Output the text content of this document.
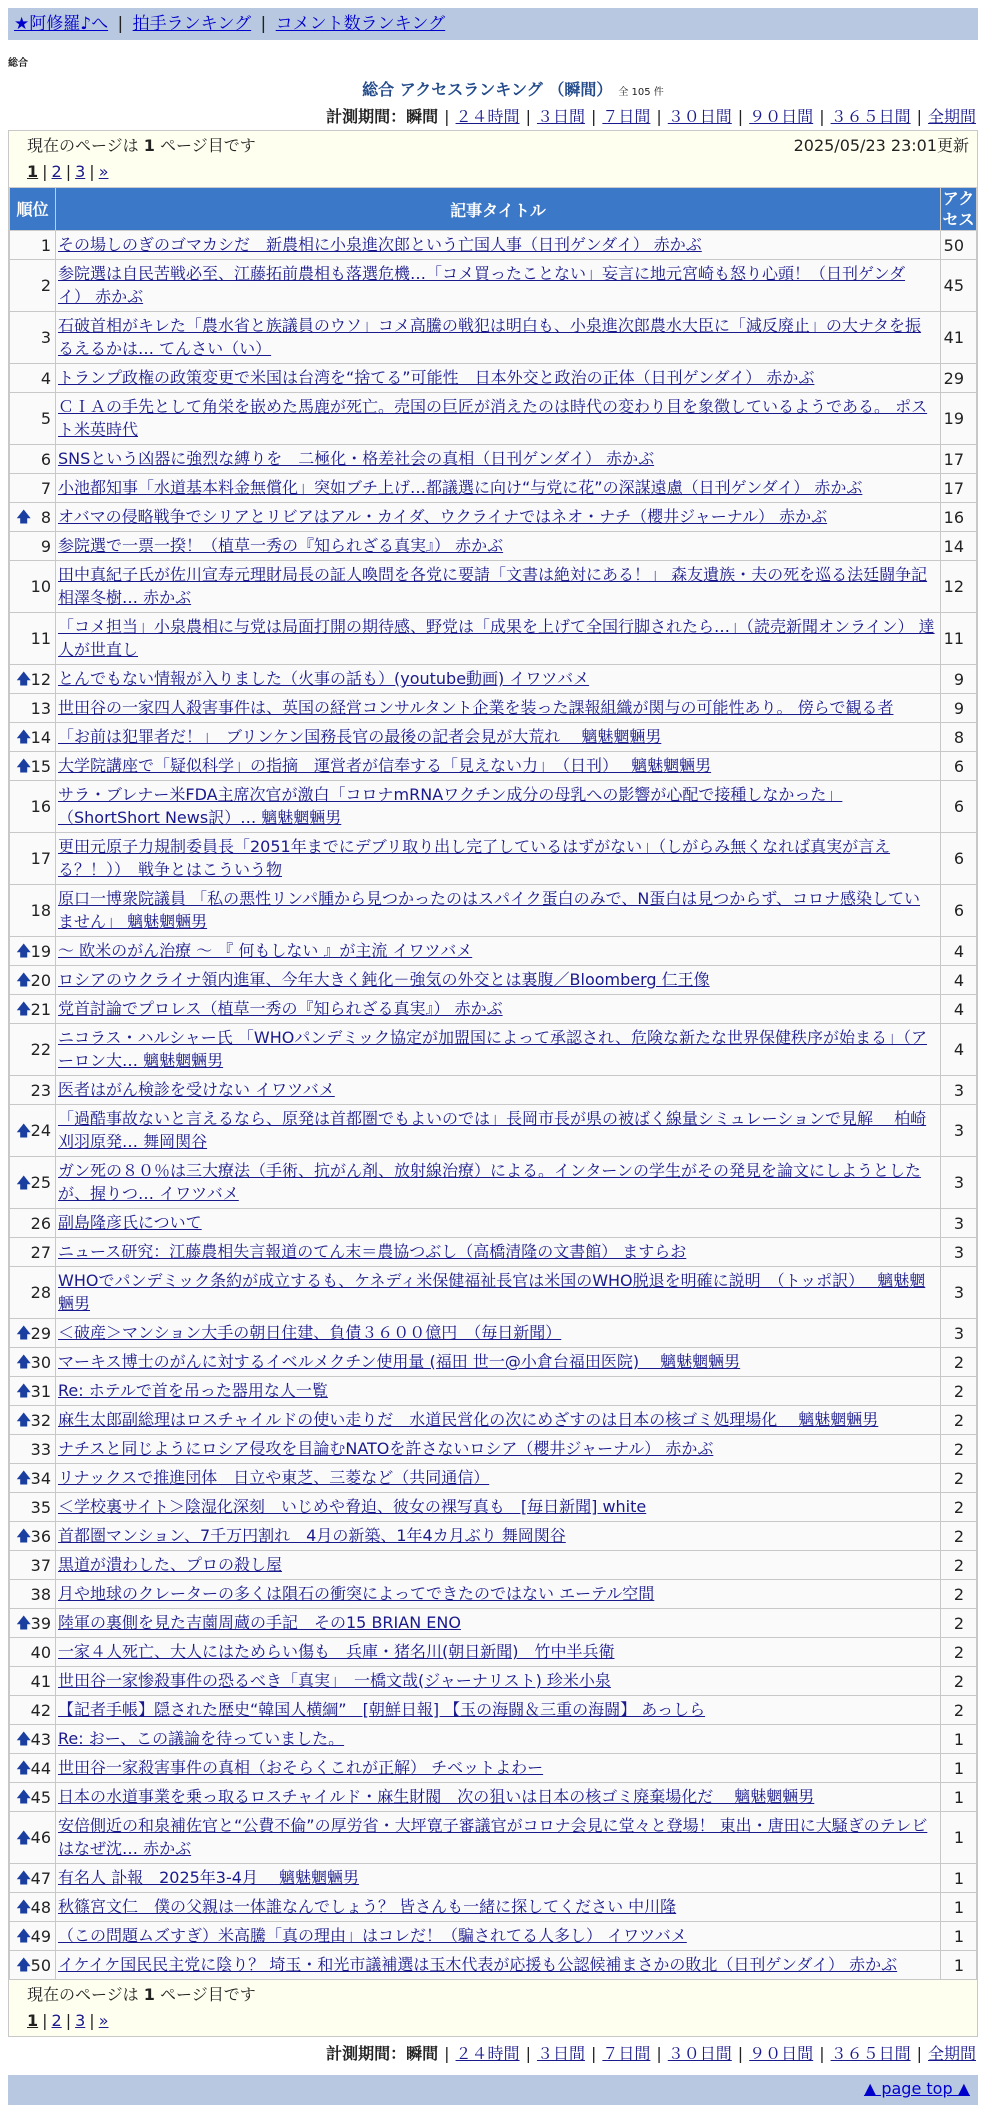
★阿修羅♪へ | 拍手ランキング | コメント数ランキング
総合
総合 アクセスランキング （瞬間） 全 105 件
計測期間：瞬間 | ２４時間 | ３日間 | ７日間 | ３０日間 | ９０日間 | ３６５日間 | 全期間
現在のページは 1 ページ目です	2025/05/23 23:01更新
1 | 2 | 3 | »
順位	記事タイトル	アクセス
1	その場しのぎのゴマカシだ　新農相に小泉進次郎という亡国人事（日刊ゲンダイ） 赤かぶ	50
2	参院選は自民苦戦必至、江藤拓前農相も落選危機…「コメ買ったことない」妄言に地元宮崎も怒り心頭！（日刊ゲンダイ） 赤かぶ	45
3	石破首相がキレた「農水省と族議員のウソ」コメ高騰の戦犯は明白も、小泉進次郎農水大臣に「減反廃止」の大ナタを振るえるかは… てんさい（い）	41
4	トランプ政権の政策変更で米国は台湾を“捨てる”可能性　日本外交と政治の正体（日刊ゲンダイ） 赤かぶ	29
5	ＣＩＡの手先として角栄を嵌めた馬鹿が死亡。売国の巨匠が消えたのは時代の変わり目を象徴しているようである。 ポスト米英時代	19
6	SNSという凶器に強烈な縛りを　二極化・格差社会の真相（日刊ゲンダイ） 赤かぶ	17
7	小池都知事「水道基本料金無償化」突如ブチ上げ…都議選に向け“与党に花”の深謀遠慮（日刊ゲンダイ） 赤かぶ	17

🡅 8	オバマの侵略戦争でシリアとリビアはアル・カイダ、ウクライナではネオ・ナチ（櫻井ジャーナル） 赤かぶ	16
9	参院選で一票一揆！（植草一秀の『知られざる真実』） 赤かぶ	14
10	田中真紀子氏が佐川宣寿元理財局長の証人喚問を各党に要請「文書は絶対にある！」 森友遺族・夫の死を巡る法廷闘争記 相澤冬樹… 赤かぶ	12
11	「コメ担当」小泉農相に与党は局面打開の期待感、野党は「成果を上げて全国行脚されたら…」（読売新聞オンライン） 達人が世直し	11

🡅 12	とんでもない情報が入りました（火事の話も）(youtube動画) イワツバメ	9
13	世田谷の一家四人殺害事件は、英国の経営コンサルタント企業を装った課報組織が関与の可能性あり。 傍らで観る者	9

🡅 14	「お前は犯罪者だ！」　ブリンケン国務長官の最後の記者会見が大荒れ　 魑魅魍魎男	8

🡅 15	大学院講座で「疑似科学」の指摘　運営者が信奉する「見えない力」　（日刊）　 魑魅魍魎男	6
16	サラ・ブレナー米FDA主席次官が激白「コロナmRNAワクチン成分の母乳への影響が心配で接種しなかった」（ShortShort News訳）… 魑魅魍魎男	6
17	更田元原子力規制委員長「2051年までにデブリ取り出し完了しているはずがない」（しがらみ無くなれば真実が言える？！））　戦争とはこういう物	6
18	原口一博衆院議員 「私の悪性リンパ腫から見つかったのはスパイク蛋白のみで、N蛋白は見つからず、コロナ感染していません」 魑魅魍魎男	6

🡅 19	～ 欧米のがん治療 ～ 『 何もしない 』が主流 イワツバメ	4

🡅 20	ロシアのウクライナ領内進軍、今年大きく鈍化－強気の外交とは裏腹／Bloomberg 仁王像	4

🡅 21	党首討論でプロレス（植草一秀の『知られざる真実』） 赤かぶ	4
22	ニコラス・ハルシャー氏 「WHOパンデミック協定が加盟国によって承認され、危険な新たな世界保健秩序が始まる」（アーロン大… 魑魅魍魎男	4
23	医者はがん検診を受けない イワツバメ	3

🡅 24	「過酷事故ないと言えるなら、原発は首都圏でもよいのでは」長岡市長が県の被ばく線量シミュレーションで見解　 柏崎刈羽原発… 舞岡関谷	3

🡅 25	ガン死の８０％は三大療法（手術、抗がん剤、放射線治療）による。インターンの学生がその発見を論文にしようとしたが、握りつ… イワツバメ	3
26	副島隆彦氏について	3
27	ニュース研究：江藤農相失言報道のてん末＝農協つぶし（高橋清隆の文書館） ますらお	3
28	WHOでパンデミック条約が成立するも、ケネディ米保健福祉長官は米国のWHO脱退を明確に説明　（トッポ訳）　 魑魅魍魎男	3

🡅 29	＜破産＞マンション大手の朝日住建、負債３６００億円　（毎日新聞）	3

🡅 30	マーキス博士のがんに対するイベルメクチン使用量 (福田 世一@小倉台福田医院)　 魑魅魍魎男	2

🡅 31	Re: ホテルで首を吊った器用な人一覧	2

🡅 32	麻生太郎副総理はロスチャイルドの使い走りだ　水道民営化の次にめざすのは日本の核ゴミ処理場化　 魑魅魍魎男	2
33	ナチスと同じようにロシア侵攻を目論むNATOを許さないロシア（櫻井ジャーナル） 赤かぶ	2

🡅 34	リナックスで推進団体　日立や東芝、三菱など（共同通信）	2
35	＜学校裏サイト＞陰湿化深刻　いじめや脅迫、彼女の裸写真も　[毎日新聞] white	2

🡅 36	首都圏マンション、7千万円割れ　4月の新築、1年4カ月ぶり 舞岡関谷	2
37	黒道が潰わした、プロの殺し屋	2
38	月や地球のクレーターの多くは隕石の衝突によってできたのではない エーテル空間	2

🡅 39	陸軍の裏側を見た吉薗周蔵の手記　その15 BRIAN ENO	2
40	一家４人死亡、大人にはためらい傷も　兵庫・猪名川(朝日新聞)　竹中半兵衛	2
41	世田谷一家惨殺事件の恐るべき「真実」　一橋文哉(ジャーナリスト) 珍米小泉	2
42	【記者手帳】隠された歴史“韓国人横綱”　[朝鮮日報] 【玉の海闘＆三重の海闘】 あっしら	2

🡅 43	Re: おー、この議論を待っていました。	1

🡅 44	世田谷一家殺害事件の真相（おそらくこれが正解） チベットよわー	1

🡅 45	日本の水道事業を乗っ取るロスチャイルド・麻生財閥　次の狙いは日本の核ゴミ廃棄場化だ　 魑魅魍魎男	1

🡅 46	安倍側近の和泉補佐官と“公費不倫”の厚労省・大坪寛子審議官がコロナ会見に堂々と登場！ 東出・唐田に大騒ぎのテレビはなぜ沈… 赤かぶ	1

🡅 47	有名人 訃報　2025年3-4月　 魑魅魍魎男	1

🡅 48	秋篠宮文仁　僕の父親は一体誰なんでしょう？ 皆さんも一緒に探してください 中川隆	1

🡅 49	（この問題ムズすぎ）米高騰「真の理由」はコレだ！（騙されてる人多し） イワツバメ	1

🡅 50	イケイケ国民民主党に陰り？ 埼玉・和光市議補選は玉木代表が応援も公認候補まさかの敗北（日刊ゲンダイ） 赤かぶ	1
現在のページは 1 ページ目です
1 | 2 | 3 | »
計測期間：瞬間 | ２４時間 | ３日間 | ７日間 | ３０日間 | ９０日間 | ３６５日間 | 全期間
▲ page top ▲
